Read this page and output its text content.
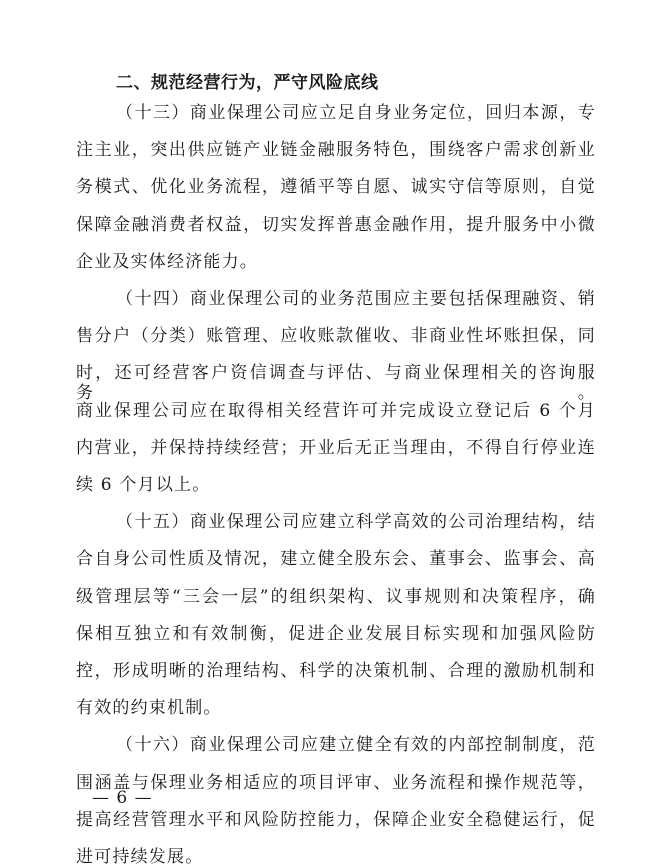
二、规范经营行为，严守风险底线
（十三）商业保理公司应立足自身业务定位，回归本源，专
注主业，突出供应链产业链金融服务特色，围绕客户需求创新业
务模式、优化业务流程，遵循平等自愿、诚实守信等原则，自觉
保障金融消费者权益，切实发挥普惠金融作用，提升服务中小微
企业及实体经济能力。
（十四）商业保理公司的业务范围应主要包括保理融资、销
售分户（分类）账管理、应收账款催收、非商业性坏账担保，同
时，还可经营客户资信调查与评估、与商业保理相关的咨询服务。
商业保理公司应在取得相关经营许可并完成设立登记后 6 个月
内营业，并保持持续经营；开业后无正当理由，不得自行停业连
续 6 个月以上。
（十五）商业保理公司应建立科学高效的公司治理结构，结
合自身公司性质及情况，建立健全股东会、董事会、监事会、高
级管理层等“三会一层”的组织架构、议事规则和决策程序，确
保相互独立和有效制衡，促进企业发展目标实现和加强风险防
控，形成明晰的治理结构、科学的决策机制、合理的激励机制和
有效的约束机制。
（十六）商业保理公司应建立健全有效的内部控制制度，范
围涵盖与保理业务相适应的项目评审、业务流程和操作规范等，
提高经营管理水平和风险防控能力，保障企业安全稳健运行，促
进可持续发展。
— 6 —
